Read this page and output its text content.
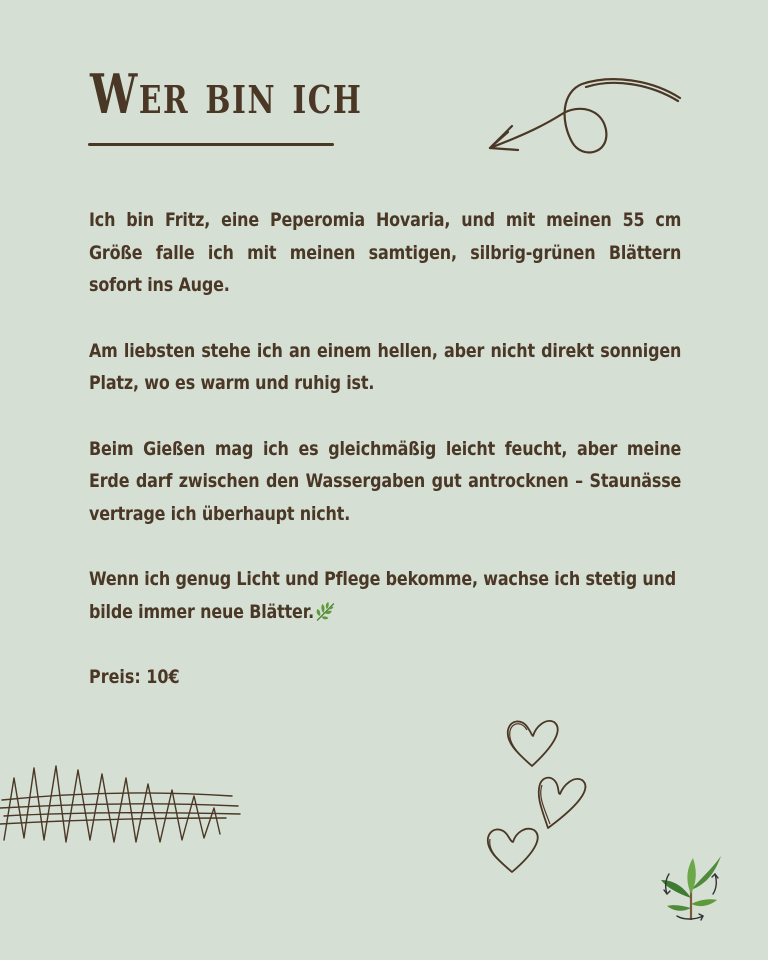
Wer bin ich

Ich bin Fritz, eine Peperomia Hovaria, und mit meinen 55 cm Größe falle ich mit meinen samtigen, silbrig-grünen Blättern sofort ins Auge.

Am liebsten stehe ich an einem hellen, aber nicht direkt sonnigen Platz, wo es warm und ruhig ist.

Beim Gießen mag ich es gleichmäßig leicht feucht, aber meine Erde darf zwischen den Wassergaben gut antrocknen – Staunässe vertrage ich überhaupt nicht.

Wenn ich genug Licht und Pflege bekomme, wachse ich stetig und bilde immer neue Blätter.

Preis: 10€
